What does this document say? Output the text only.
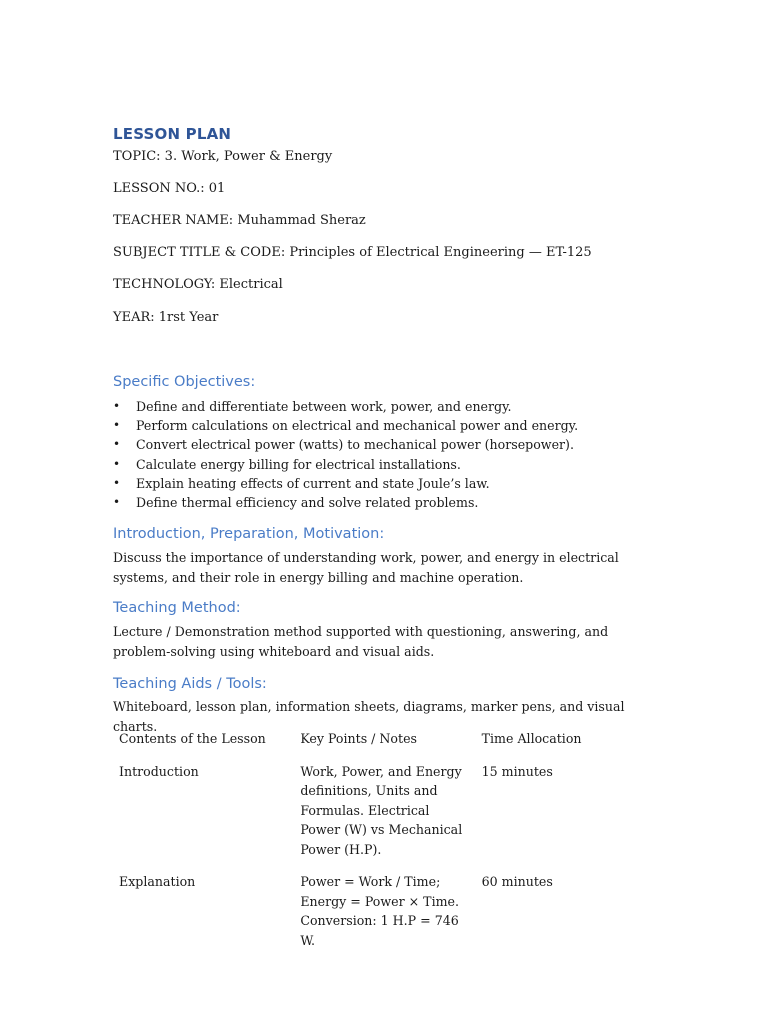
LESSON PLAN
TOPIC: 3. Work, Power & Energy
LESSON NO.: 01
TEACHER NAME: Muhammad Sheraz
SUBJECT TITLE & CODE: Principles of Electrical Engineering — ET-125
TECHNOLOGY: Electrical
YEAR: 1rst Year
Specific Objectives:
• Define and differentiate between work, power, and energy.
• Perform calculations on electrical and mechanical power and energy.
• Convert electrical power (watts) to mechanical power (horsepower).
• Calculate energy billing for electrical installations.
• Explain heating effects of current and state Joule’s law.
• Define thermal efficiency and solve related problems.
Introduction, Preparation, Motivation:
Discuss the importance of understanding work, power, and energy in electrical systems, and their role in energy billing and machine operation.
Teaching Method:
Lecture / Demonstration method supported with questioning, answering, and problem-solving using whiteboard and visual aids.
Teaching Aids / Tools:
Whiteboard, lesson plan, information sheets, diagrams, marker pens, and visual charts.
Contents of the Lesson	Key Points / Notes	Time Allocation
Introduction	Work, Power, and Energy definitions, Units and Formulas. Electrical Power (W) vs Mechanical Power (H.P).	15 minutes
Explanation	Power = Work / Time; Energy = Power × Time. Conversion: 1 H.P = 746 W.	60 minutes
